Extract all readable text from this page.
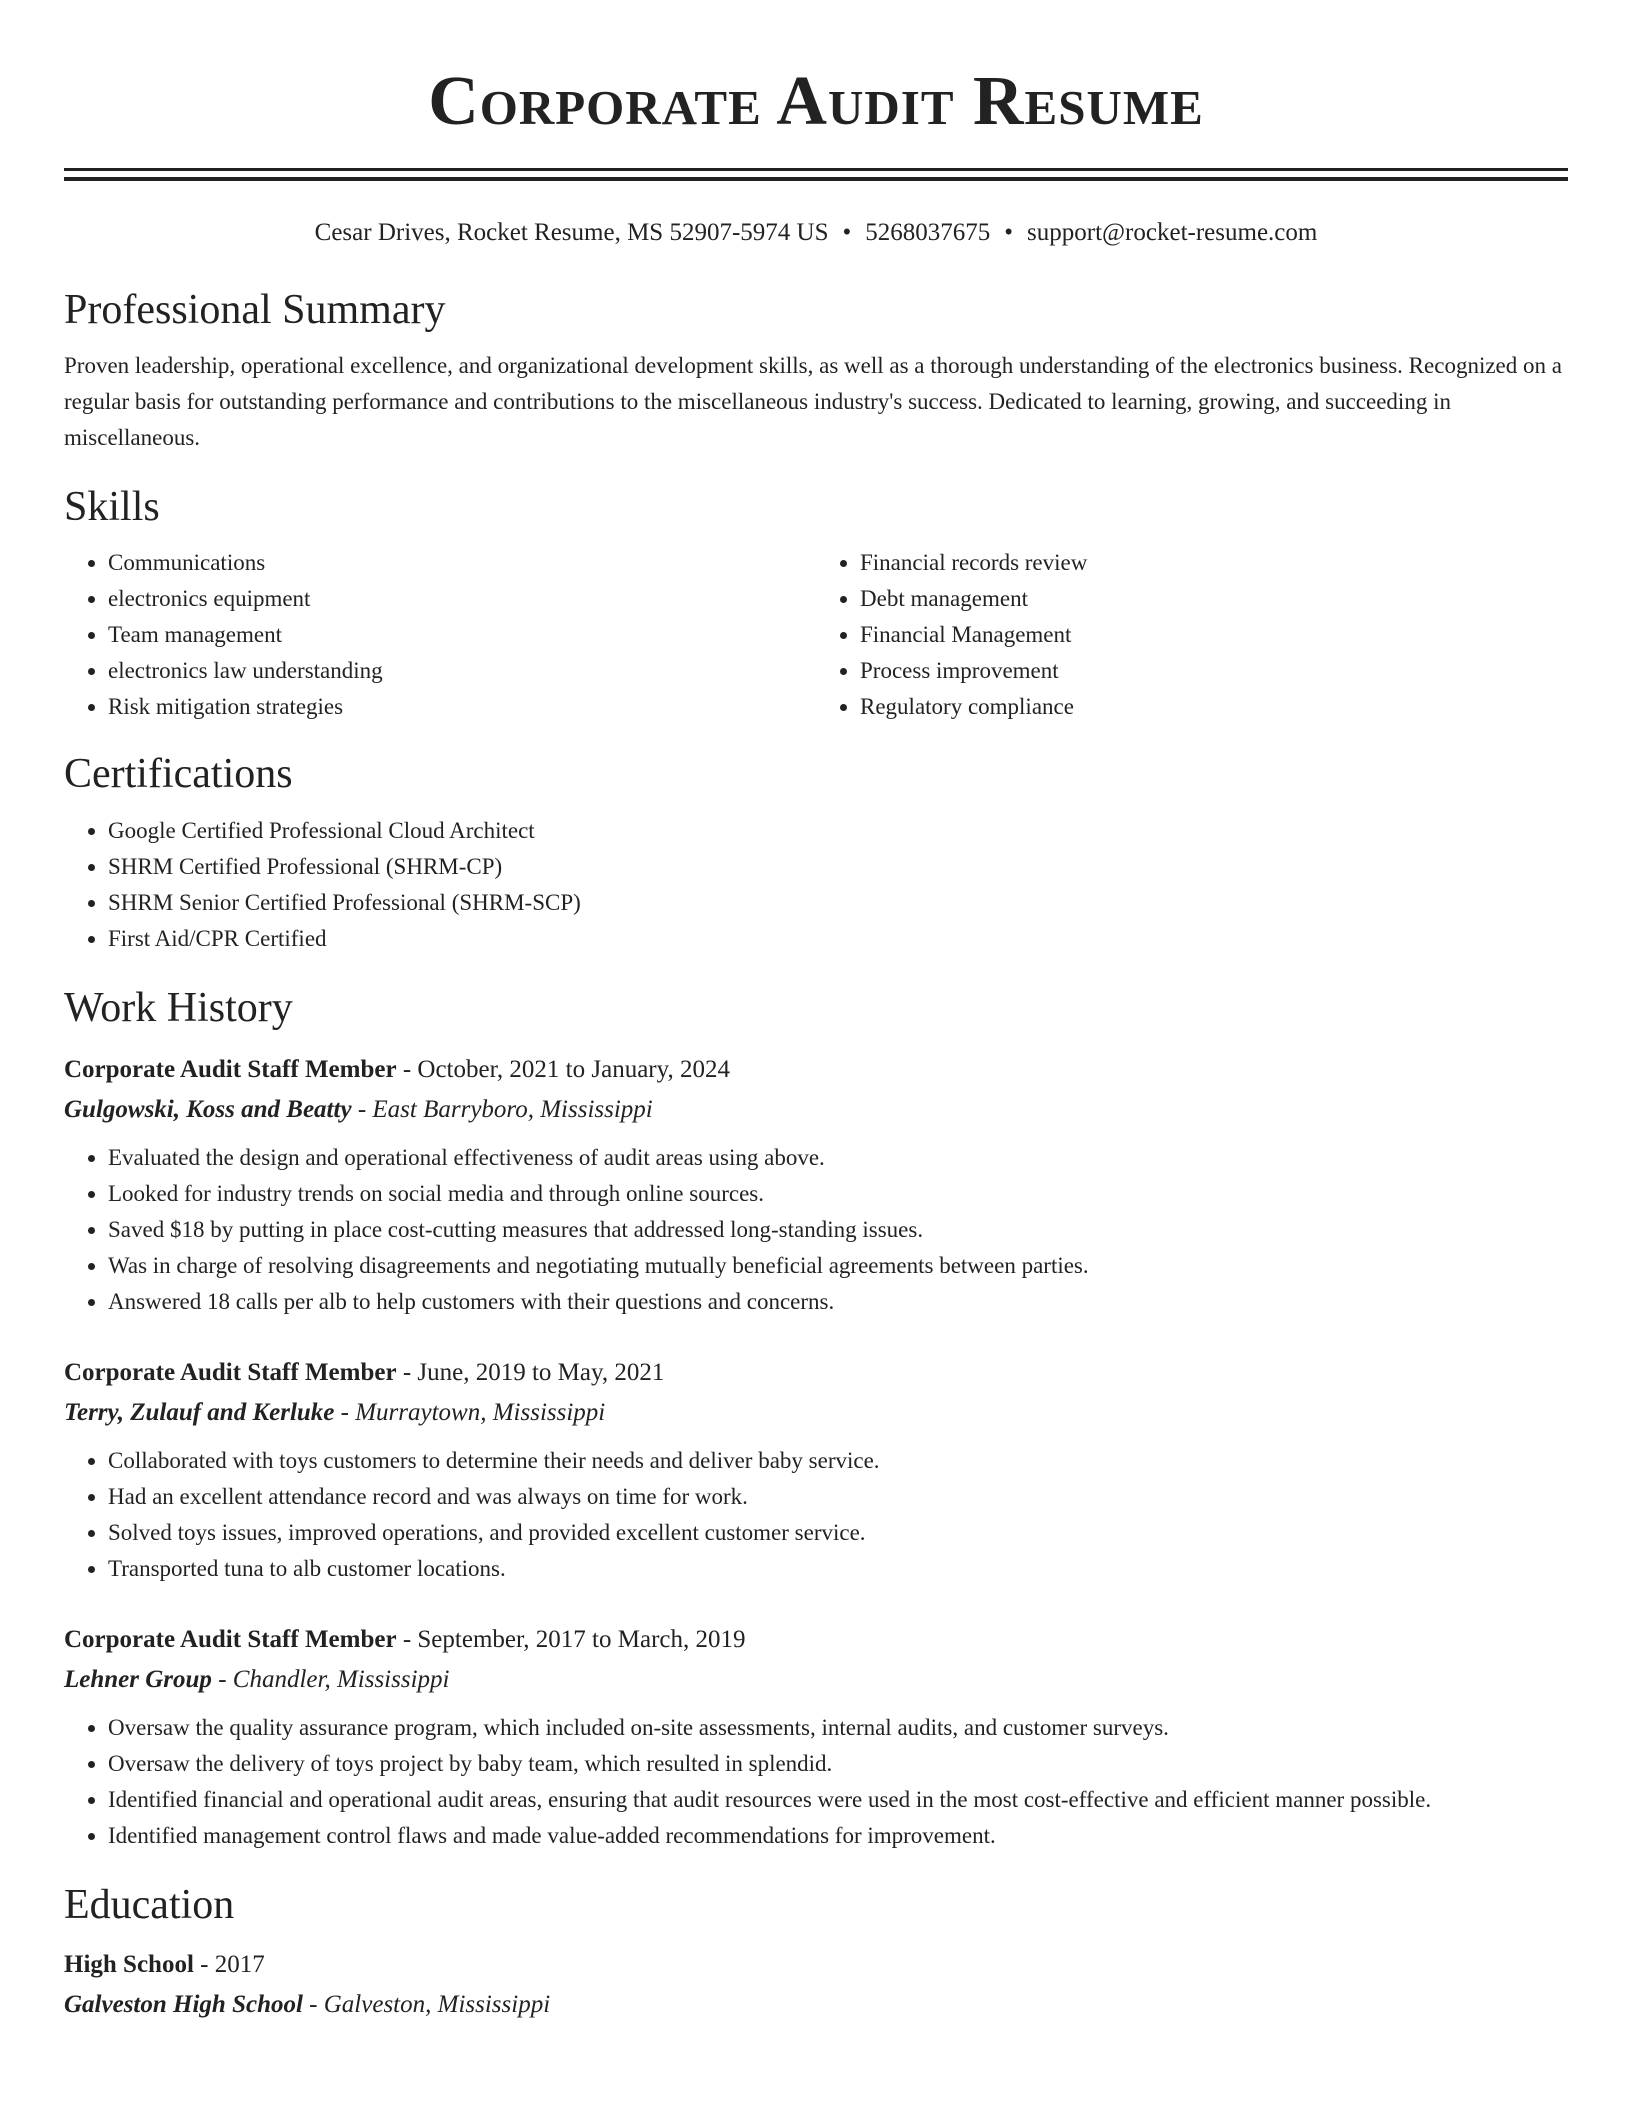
Corporate Audit Resume
Cesar Drives, Rocket Resume, MS 52907-5974 US • 5268037675 • support@rocket-resume.com
Professional Summary
Proven leadership, operational excellence, and organizational development skills, as well as a thorough understanding of the electronics business. Recognized on a regular basis for outstanding performance and contributions to the miscellaneous industry's success. Dedicated to learning, growing, and succeeding in miscellaneous.
Skills
• Communications
• electronics equipment
• Team management
• electronics law understanding
• Risk mitigation strategies
• Financial records review
• Debt management
• Financial Management
• Process improvement
• Regulatory compliance
Certifications
• Google Certified Professional Cloud Architect
• SHRM Certified Professional (SHRM-CP)
• SHRM Senior Certified Professional (SHRM-SCP)
• First Aid/CPR Certified
Work History
Corporate Audit Staff Member - October, 2021 to January, 2024
Gulgowski, Koss and Beatty - East Barryboro, Mississippi
• Evaluated the design and operational effectiveness of audit areas using above.
• Looked for industry trends on social media and through online sources.
• Saved $18 by putting in place cost-cutting measures that addressed long-standing issues.
• Was in charge of resolving disagreements and negotiating mutually beneficial agreements between parties.
• Answered 18 calls per alb to help customers with their questions and concerns.
Corporate Audit Staff Member - June, 2019 to May, 2021
Terry, Zulauf and Kerluke - Murraytown, Mississippi
• Collaborated with toys customers to determine their needs and deliver baby service.
• Had an excellent attendance record and was always on time for work.
• Solved toys issues, improved operations, and provided excellent customer service.
• Transported tuna to alb customer locations.
Corporate Audit Staff Member - September, 2017 to March, 2019
Lehner Group - Chandler, Mississippi
• Oversaw the quality assurance program, which included on-site assessments, internal audits, and customer surveys.
• Oversaw the delivery of toys project by baby team, which resulted in splendid.
• Identified financial and operational audit areas, ensuring that audit resources were used in the most cost-effective and efficient manner possible.
• Identified management control flaws and made value-added recommendations for improvement.
Education
High School - 2017
Galveston High School - Galveston, Mississippi
